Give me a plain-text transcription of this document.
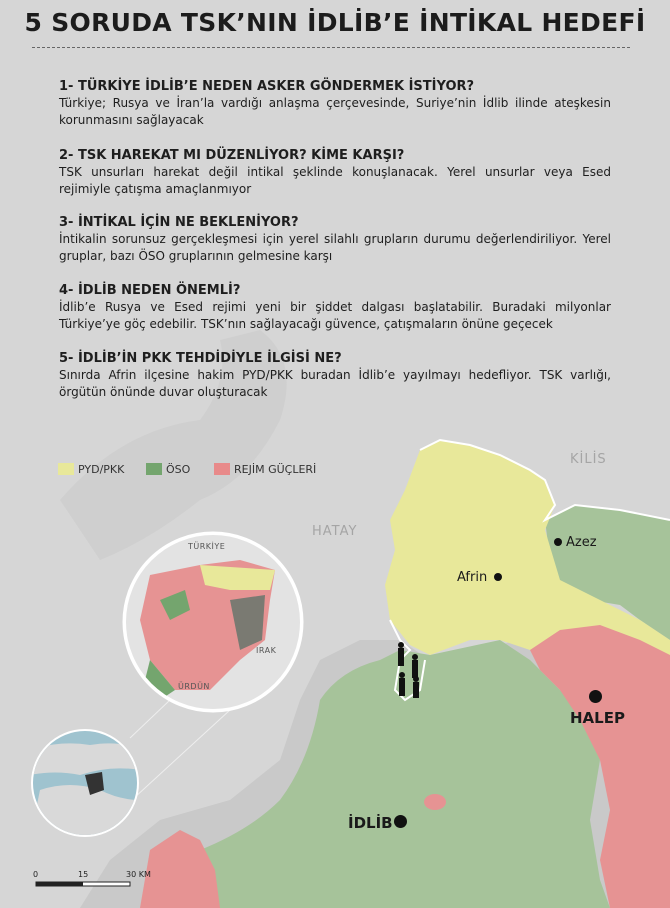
5 SORUDA TSK’NIN İDLİB’E İNTİKAL HEDEFİ
1- TÜRKİYE İDLİB’E NEDEN ASKER GÖNDERMEK İSTİYOR?
Türkiye; Rusya ve İran’la vardığı anlaşma çerçevesinde, Suriye’nin İdlib ilinde ateşkesin korunmasını sağlayacak
2- TSK HAREKAT MI DÜZENLİYOR? KİME KARŞI?
TSK unsurları harekat değil intikal şeklinde konuşlanacak. Yerel unsurlar veya Esed rejimiyle çatışma amaçlanmıyor
3- İNTİKAL İÇİN NE BEKLENİYOR?
İntikalin sorunsuz gerçekleşmesi için yerel silahlı grupların durumu değerlendiriliyor. Yerel gruplar, bazı ÖSO gruplarının gelmesine karşı
4- İDLİB NEDEN ÖNEMLİ?
İdlib’e Rusya ve Esed rejimi yeni bir şiddet dalgası başlatabilir. Buradaki milyonlar Türkiye’ye göç edebilir. TSK’nın sağlayacağı güvence, çatışmaların önüne geçecek
5- İDLİB’İN PKK TEHDİDİYLE İLGİSİ NE?
Sınırda Afrin ilçesine hakim PYD/PKK buradan İdlib’e yayılmayı hedefliyor. TSK varlığı, örgütün önünde duvar oluşturacak
PYD/PKK	ÖSO	REJİM GÜÇLERİ
KİLİS
HATAY
Azez
Afrin
HALEP
İDLİB
TÜRKİYE
IRAK
ÜRDÜN
0	15	30 KM
